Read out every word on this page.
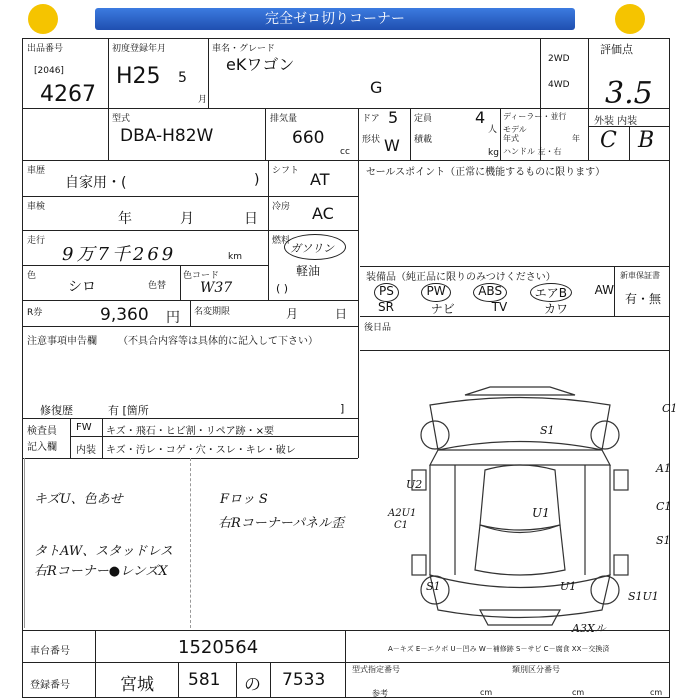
完全ゼロ切りコーナー
出品番号
[2046]
4267
初度登録年月
H25 5
月
車名・グレード
eKワゴン
G
2WD
4WD
評価点
3.5
外装 内装
C B
型式
DBA-H82W
排気量
660
cc
ドア 5
形状 W
定員	4
人
積載
kg
ディーラー・並行
モデル
年式	年
ハンドル 左・右
車歴
自家用・(	)
シフト AT	セールスポイント（正常に機能するものに限ります）
車検
年	月	日
冷房 AC
走行
9万7千269	km
燃料
ガソリン
軽油
( )
色
シロ	色替
色コード
W37
装備品（純正品に限りのみつけください）
PS	PW	ABS	エアB	AW
SR	ナビ	TV	カワ
新車保証書
有・無
R券	9,360 円 名変期限	月	日
後日品
注意事項申告欄 （不具合内容等は具体的に記入して下さい）
修復歴	有 [箇所	]
検査員
記入欄
FW キズ・飛石・ヒビ割・リペア跡・×要
内装 キズ・汚レ・コゲ・穴・スレ・キレ・破レ
キズU、色あせ	Fロッ S
右Rコーナーパネル歪
タトAW、スタッドレス
右Rコーナー●レンズX
S1
C1
A1
C1
S1
U2
A2U1
C1
U1
U1
S1
S1U1
A3Xル
車台番号	1520564
登録番号	宮城 581 の 7533
A－キズ E－エクボ U－凹み W－補修跡 S－サビ C－腐食 XX－交換済
型式指定番号	類別区分番号
参考	cm	cm	cm
